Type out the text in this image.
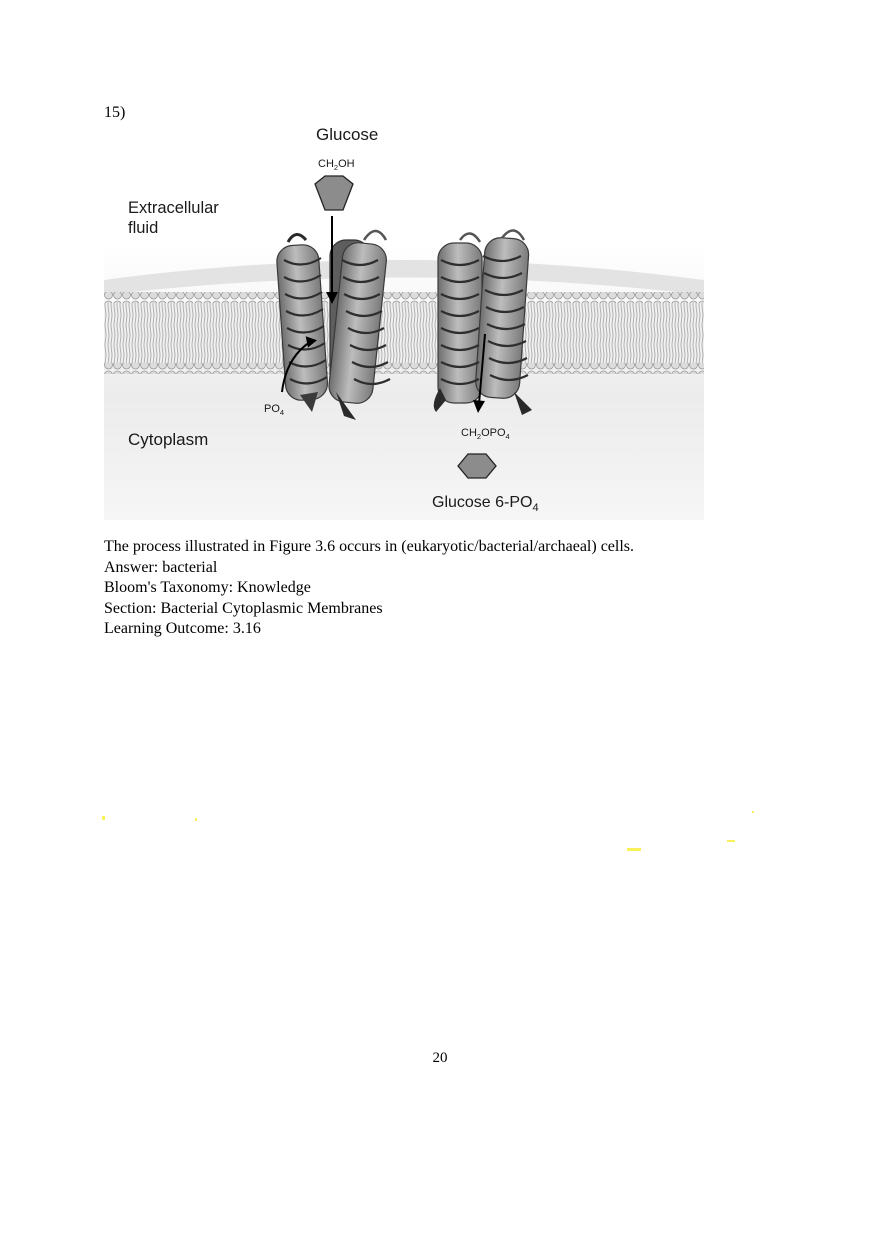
15)
Glucose
$CH_2OH$
Extracellular fluid
$PO_4$
Cytoplasm	$CH_2OPO_4$
Glucose $6-PO_4$
The process illustrated in Figure 3.6 occurs in (eukaryotic/bacterial/archaeal) cells.
Answer: bacterial
Bloom's Taxonomy: Knowledge
Section: Bacterial Cytoplasmic Membranes
Learning Outcome: 3.16
20
